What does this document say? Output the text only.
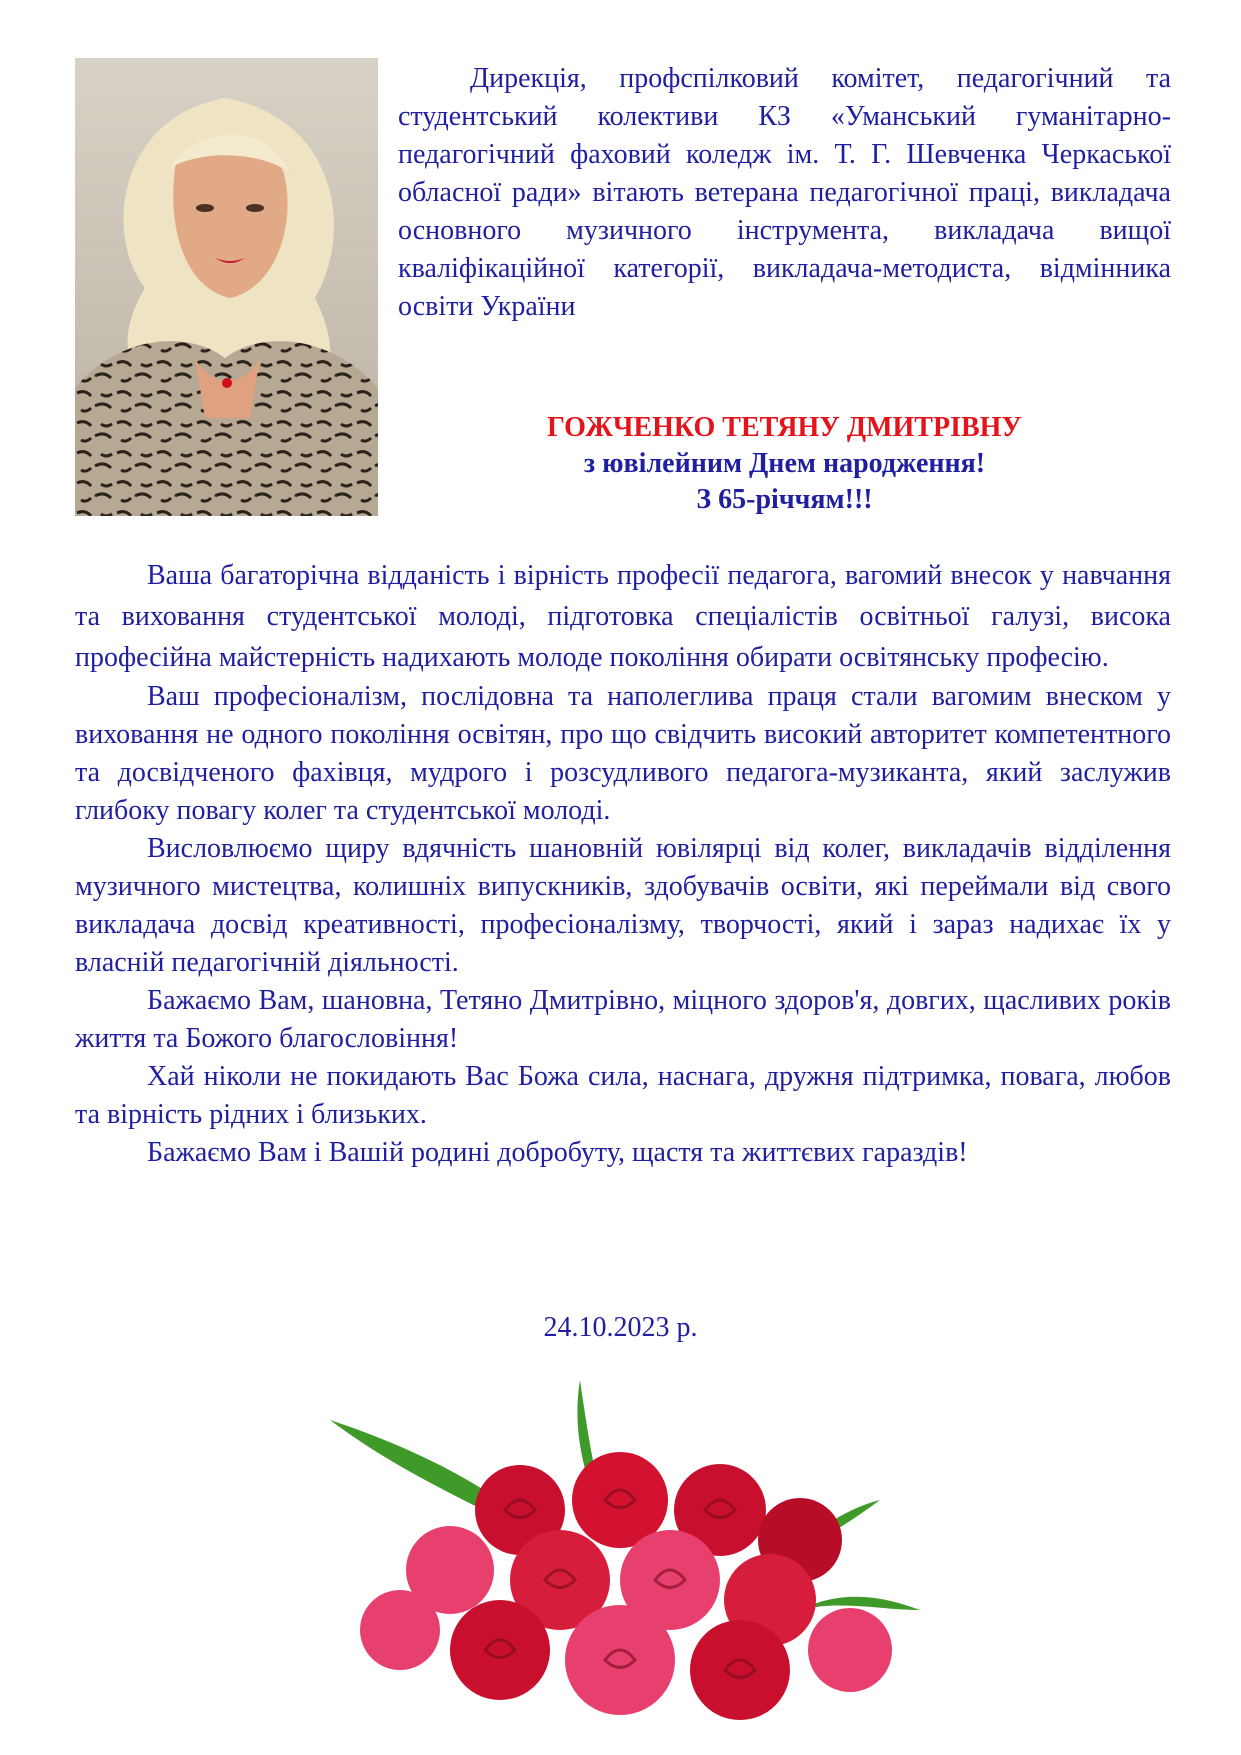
Дирекція, профспілковий комітет, педагогічний та студентський колективи КЗ «Уманський гуманітарно-педагогічний фаховий коледж ім. Т. Г. Шевченка Черкаської обласної ради» вітають ветерана педагогічної праці, викладача основного музичного інструмента, викладача вищої кваліфікаційної категорії, викладача-методиста, відмінника освіти України
ГОЖЧЕНКО ТЕТЯНУ ДМИТРІВНУ
з ювілейним Днем народження!
З 65-річчям!!!

Ваша багаторічна відданість і вірність професії педагога, вагомий внесок у навчання та виховання студентської молоді, підготовка спеціалістів освітньої галузі, висока професійна майстерність надихають молоде покоління обирати освітянську професію.

Ваш професіоналізм, послідовна та наполеглива праця стали вагомим внеском у виховання не одного покоління освітян, про що свідчить високий авторитет компетентного та досвідченого фахівця, мудрого і розсудливого педагога-музиканта, який заслужив глибоку повагу колег та студентської молоді.

Висловлюємо щиру вдячність шановній ювілярці від колег, викладачів відділення музичного мистецтва, колишніх випускників, здобувачів освіти, які переймали від свого викладача досвід креативності, професіоналізму, творчості, який і зараз надихає їх у власній педагогічній діяльності.

Бажаємо Вам, шановна, Тетяно Дмитрівно, міцного здоров'я, довгих, щасливих років життя та Божого благословіння!

Хай ніколи не покидають Вас Божа сила, наснага, дружня підтримка, повага, любов та вірність рідних і близьких.

Бажаємо Вам і Вашій родині добробуту, щастя та життєвих гараздів!

24.10.2023 р.
